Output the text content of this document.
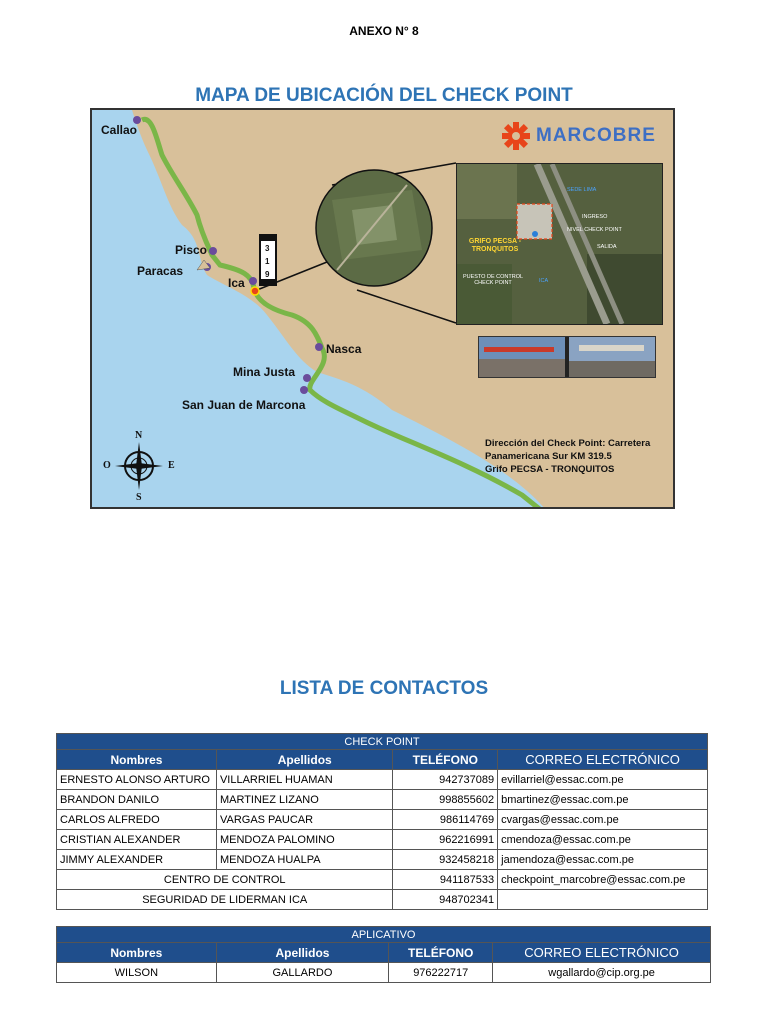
ANEXO N° 8
MAPA DE UBICACIÓN DEL CHECK POINT
3
1
9
Callao
Pisco
Paracas
Ica
Nasca
Mina Justa
San Juan de Marcona
MARCOBRE
SEDE LIMA
INGRESO
NIVEL CHECK POINT
SALIDA
GRIFO PECSA - TRONQUITOS
PUESTO DE CONTROL CHECK POINT	ICA
Dirección del Check Point: Carretera
Panamericana Sur KM 319.5
Grifo PECSA - TRONQUITOS
N
S
O	E
LISTA DE CONTACTOS
CHECK POINT			
Nombres	Apellidos	TELÉFONO	CORREO ELECTRÓNICO
ERNESTO ALONSO ARTURO	VILLARRIEL HUAMAN	942737089	evillarriel@essac.com.pe
BRANDON DANILO	MARTINEZ LIZANO	998855602	bmartinez@essac.com.pe
CARLOS ALFREDO	VARGAS PAUCAR	986114769	cvargas@essac.com.pe
CRISTIAN ALEXANDER	MENDOZA PALOMINO	962216991	cmendoza@essac.com.pe
JIMMY ALEXANDER	MENDOZA HUALPA	932458218	jamendoza@essac.com.pe
CENTRO DE CONTROL		941187533	checkpoint_marcobre@essac.com.pe
SEGURIDAD DE LIDERMAN ICA		948702341	
APLICATIVO			
Nombres	Apellidos	TELÉFONO	CORREO ELECTRÓNICO
WILSON	GALLARDO	976222717	wgallardo@cip.org.pe
